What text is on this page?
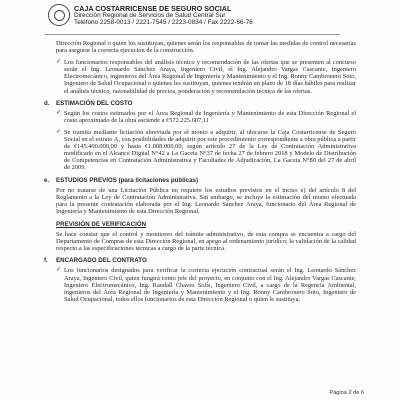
CAJA COSTARRICENSE DE SEGURO SOCIAL
Dirección Regional de Servicios de Salud Central Sur
Teléfono 2258-0013 / 2221-7545 / 2223-0834 / Fax 2222-66-76

Dirección Regional o quien los sustituyan, quienes serán los responsables de tomar las medidas de control necesarias para asegurar la correcta ejecución de la construcción.

✓ Los funcionarios responsables del análisis técnico y recomendación de las ofertas que se presenten al concurso serán el Ing. Leonardo Sánchez Araya, Ingeniero Civil, el Ing. Alejandro Vargas Cascante, Ingeniero Electromecánico, ingenieros del Área Regional de Ingeniería y Mantenimiento y el Ing. Ronny Cambronero Soto, Ingeniero de Salud Ocupacional o quienes les sustituyan, quienes tendrán un plazo de 18 días hábiles para realizar el análisis técnico, razonabilidad de precios, ponderación y recomendación técnica de las ofertas.
d. ESTIMACIÓN DEL COSTO
✓ Según los costos estimados por el Área Regional de Ingeniería y Mantenimiento de esta Dirección Regional el costo aproximado de la obra asciende a ¢572.225.607,11
✓ Se tramita mediante licitación abreviada por el monto a adquirir, al ubicarse la Caja Costarricense de Seguro Social en el estrato A, con posibilidades de adquirir por este procedimiento correspondiente a obra pública a partir de ¢145.400.000,00 y hasta ¢1.008.000,00, según artículo 27 de la Ley de Contratación Administrativa modificado en el Alcance Digital N°42 a La Gaceta N°37 de fecha 27 de febrero 2018 y Modelo de Distribución de Competencias en Contratación Administrativa y Facultades de Adjudicación, La Gaceta N°80 del 27 de abril de 2009.
e. ESTUDIOS PREVIOS (para licitaciones públicas)

Por no tratarse de una Licitación Pública no requiere los estudios previstos en el inciso e) del artículo 8 del Reglamento a la Ley de Contratación Administrativa. Sin embargo, se incluye la estimación del monto efectuada para la presente contratación elaborada por el Ing. Leonardo Sánchez Araya, funcionario del Área Regional de Ingeniería y Mantenimiento de esta Dirección Regional.

PREVISIÓN DE VERIFICACIÓN

Se hace constar que el control y monitoreo del trámite administrativo, de esta compra se encuentra a cargo del Departamento de Compras de esta Dirección Regional, en apego al ordenamiento jurídico; la validación de la calidad respecto a las especificaciones técnicas a cargo de la parte técnica.

f. ENCARGADO DEL CONTRATO
✓ Los funcionarios designados para verificar la correcta ejecución contractual serán el Ing. Leonardo Sánchez Araya, Ingeniero Civil, quien fungirá como jefe del proyecto, en conjunto con el Ing. Alejandro Vargas Cascante, Ingeniero Electromecánico, Ing. Randall Chaves Solís, Ingeniero Civil, a cargo de la Regencia Ambiental, ingenieros del Área Regional de Ingeniería y Mantenimiento y el Ing. Ronny Cambronero Soto, Ingeniero de Salud Ocupacional, todos ellos funcionarios de esta Dirección Regional o quien le sustituya.
Página 2 de 6
